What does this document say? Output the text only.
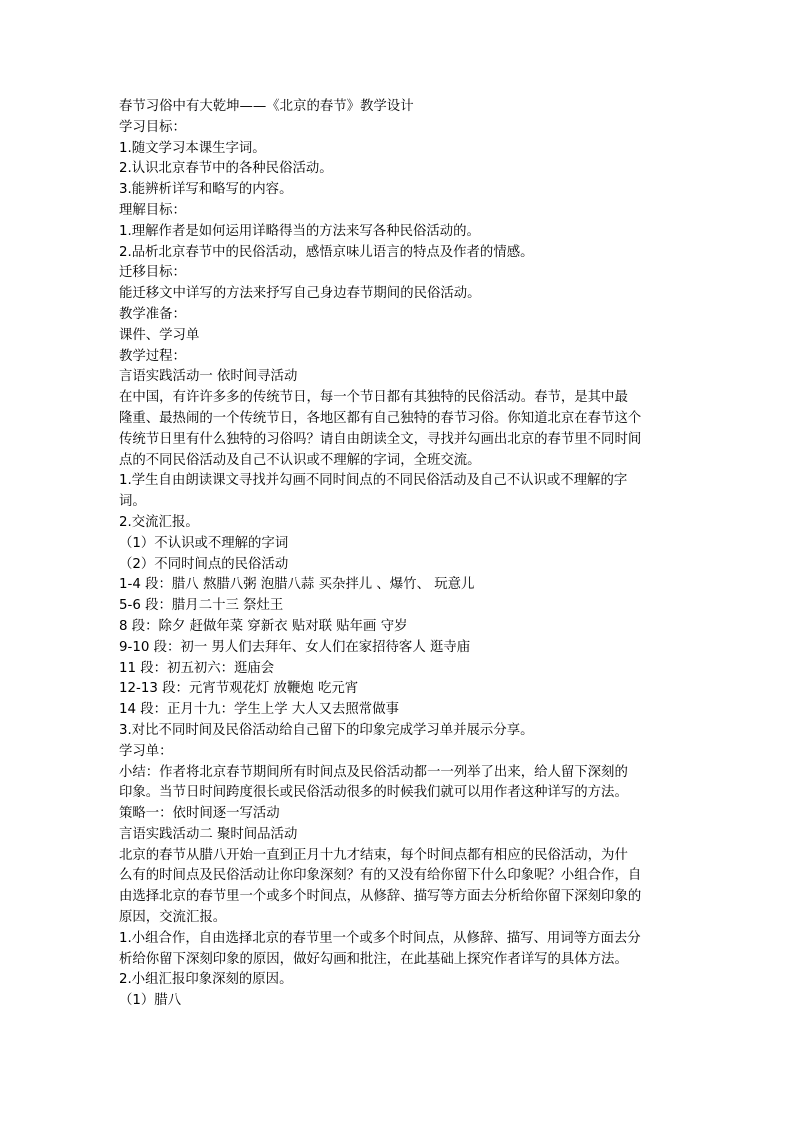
春节习俗中有大乾坤——《北京的春节》教学设计
学习目标：
1.随文学习本课生字词。
2.认识北京春节中的各种民俗活动。
3.能辨析详写和略写的内容。
理解目标：
1.理解作者是如何运用详略得当的方法来写各种民俗活动的。
2.品析北京春节中的民俗活动，感悟京味儿语言的特点及作者的情感。
迁移目标：
能迁移文中详写的方法来抒写自己身边春节期间的民俗活动。
教学准备：
课件、学习单
教学过程：
言语实践活动一 依时间寻活动
在中国，有许许多多的传统节日，每一个节日都有其独特的民俗活动。春节，是其中最
隆重、最热闹的一个传统节日，各地区都有自己独特的春节习俗。你知道北京在春节这个
传统节日里有什么独特的习俗吗？请自由朗读全文，寻找并勾画出北京的春节里不同时间
点的不同民俗活动及自己不认识或不理解的字词，全班交流。
1.学生自由朗读课文寻找并勾画不同时间点的不同民俗活动及自己不认识或不理解的字
词。
2.交流汇报。
（1）不认识或不理解的字词
（2）不同时间点的民俗活动
1-4 段：腊八 熬腊八粥 泡腊八蒜 买杂拌儿 、爆竹、 玩意儿
5-6 段：腊月二十三 祭灶王
8 段：除夕 赶做年菜 穿新衣 贴对联 贴年画 守岁
9-10 段：初一 男人们去拜年、女人们在家招待客人 逛寺庙
11 段：初五初六：逛庙会
12-13 段：元宵节观花灯 放鞭炮 吃元宵
14 段：正月十九：学生上学 大人又去照常做事
3.对比不同时间及民俗活动给自己留下的印象完成学习单并展示分享。
学习单：
小结：作者将北京春节期间所有时间点及民俗活动都一一列举了出来，给人留下深刻的
印象。当节日时间跨度很长或民俗活动很多的时候我们就可以用作者这种详写的方法。
策略一：依时间逐一写活动
言语实践活动二 聚时间品活动
北京的春节从腊八开始一直到正月十九才结束，每个时间点都有相应的民俗活动，为什
么有的时间点及民俗活动让你印象深刻？有的又没有给你留下什么印象呢？小组合作，自
由选择北京的春节里一个或多个时间点，从修辞、描写等方面去分析给你留下深刻印象的
原因，交流汇报。
1.小组合作，自由选择北京的春节里一个或多个时间点，从修辞、描写、用词等方面去分
析给你留下深刻印象的原因，做好勾画和批注，在此基础上探究作者详写的具体方法。
2.小组汇报印象深刻的原因。
（1）腊八
